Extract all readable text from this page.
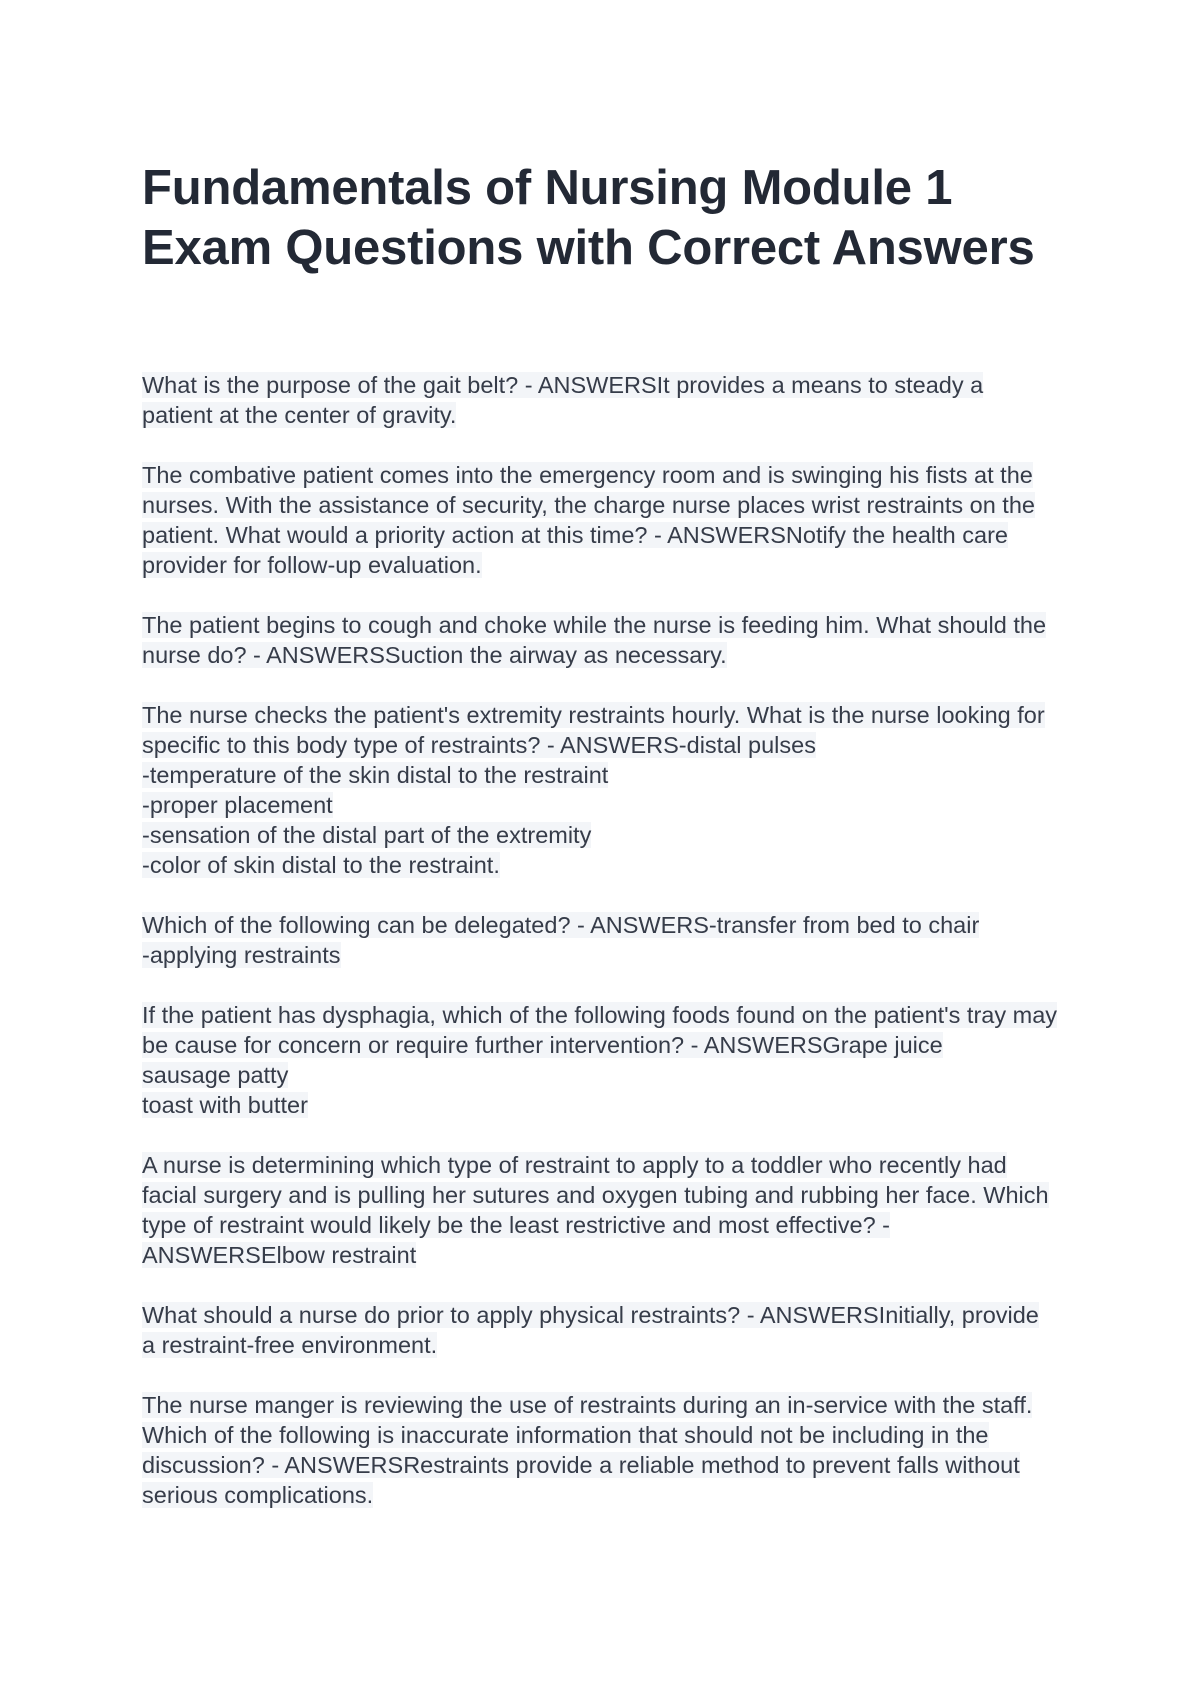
Fundamentals of Nursing Module 1
Exam Questions with Correct Answers
What is the purpose of the gait belt? - ANSWERSIt provides a means to steady a
patient at the center of gravity.
The combative patient comes into the emergency room and is swinging his fists at the
nurses. With the assistance of security, the charge nurse places wrist restraints on the
patient. What would a priority action at this time? - ANSWERSNotify the health care
provider for follow-up evaluation.
The patient begins to cough and choke while the nurse is feeding him. What should the
nurse do? - ANSWERSSuction the airway as necessary.
The nurse checks the patient's extremity restraints hourly. What is the nurse looking for
specific to this body type of restraints? - ANSWERS-distal pulses
-temperature of the skin distal to the restraint
-proper placement
-sensation of the distal part of the extremity
-color of skin distal to the restraint.
Which of the following can be delegated? - ANSWERS-transfer from bed to chair
-applying restraints
If the patient has dysphagia, which of the following foods found on the patient's tray may
be cause for concern or require further intervention? - ANSWERSGrape juice
sausage patty
toast with butter
A nurse is determining which type of restraint to apply to a toddler who recently had
facial surgery and is pulling her sutures and oxygen tubing and rubbing her face. Which
type of restraint would likely be the least restrictive and most effective? -
ANSWERSElbow restraint
What should a nurse do prior to apply physical restraints? - ANSWERSInitially, provide
a restraint-free environment.
The nurse manger is reviewing the use of restraints during an in-service with the staff.
Which of the following is inaccurate information that should not be including in the
discussion? - ANSWERSRestraints provide a reliable method to prevent falls without
serious complications.
